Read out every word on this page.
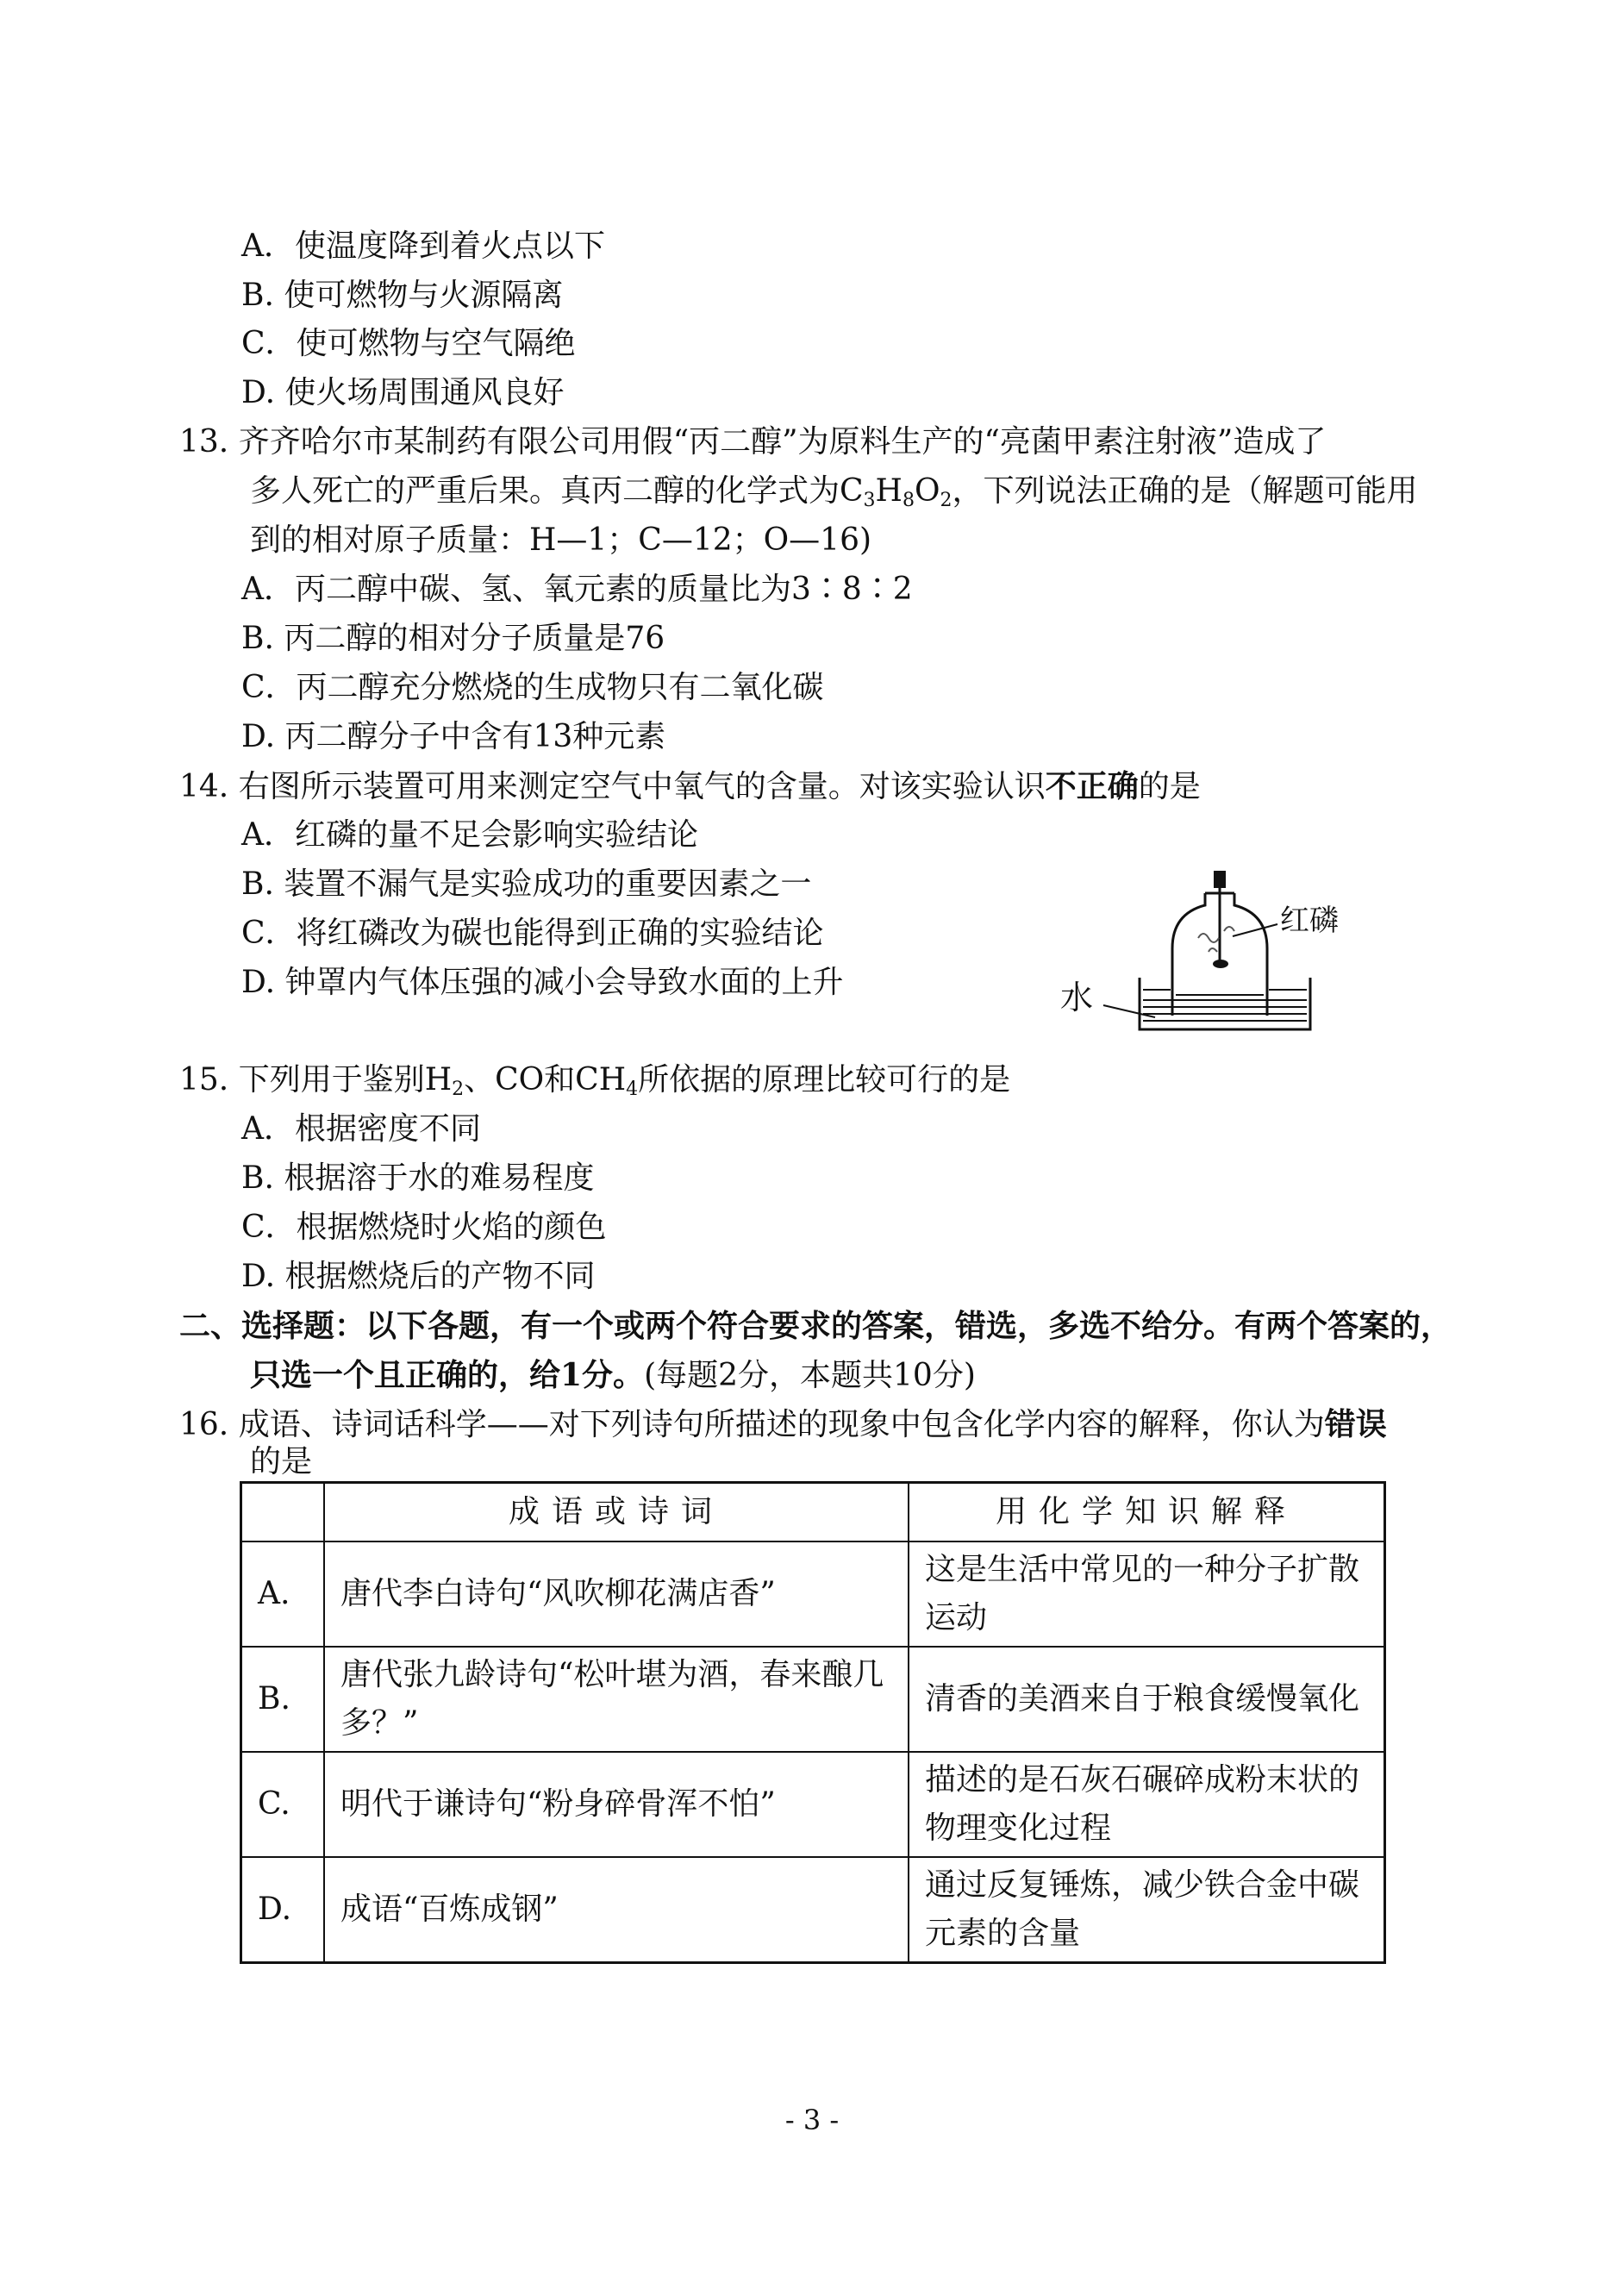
A．使温度降到着火点以下
B. 使可燃物与火源隔离
C．使可燃物与空气隔绝
D. 使火场周围通风良好
13. 齐齐哈尔市某制药有限公司用假“丙二醇”为原料生产的“亮菌甲素注射液”造成了
多人死亡的严重后果。真丙二醇的化学式为$C_3H_8O_2$，下列说法正确的是（解题可能用
到的相对原子质量：H—1；C—12；O—16)
A．丙二醇中碳、氢、氧元素的质量比为3∶8∶2
B. 丙二醇的相对分子质量是76
C．丙二醇充分燃烧的生成物只有二氧化碳
D. 丙二醇分子中含有13种元素
14. 右图所示装置可用来测定空气中氧气的含量。对该实验认识不正确的是
A．红磷的量不足会影响实验结论
B. 装置不漏气是实验成功的重要因素之一
C．将红磷改为碳也能得到正确的实验结论
D. 钟罩内气体压强的减小会导致水面的上升
红磷
水
15. 下列用于鉴别$H_2$、CO和$CH_4$所依据的原理比较可行的是
A．根据密度不同
B. 根据溶于水的难易程度
C．根据燃烧时火焰的颜色
D. 根据燃烧后的产物不同
二、选择题：以下各题，有一个或两个符合要求的答案，错选，多选不给分。有两个答案的，
只选一个且正确的，给1分。(每题2分，本题共10分)
16. 成语、诗词话科学——对下列诗句所描述的现象中包含化学内容的解释，你认为错误
的是
	成语或诗词	用化学知识解释
A.	唐代李白诗句“风吹柳花满店香”	这是生活中常见的一种分子扩散运动
B.	唐代张九龄诗句“松叶堪为酒，春来酿几多？”	清香的美酒来自于粮食缓慢氧化
C.	明代于谦诗句“粉身碎骨浑不怕”	描述的是石灰石碾碎成粉末状的物理变化过程
D.	成语“百炼成钢”	通过反复锤炼，减少铁合金中碳元素的含量
- 3 -
